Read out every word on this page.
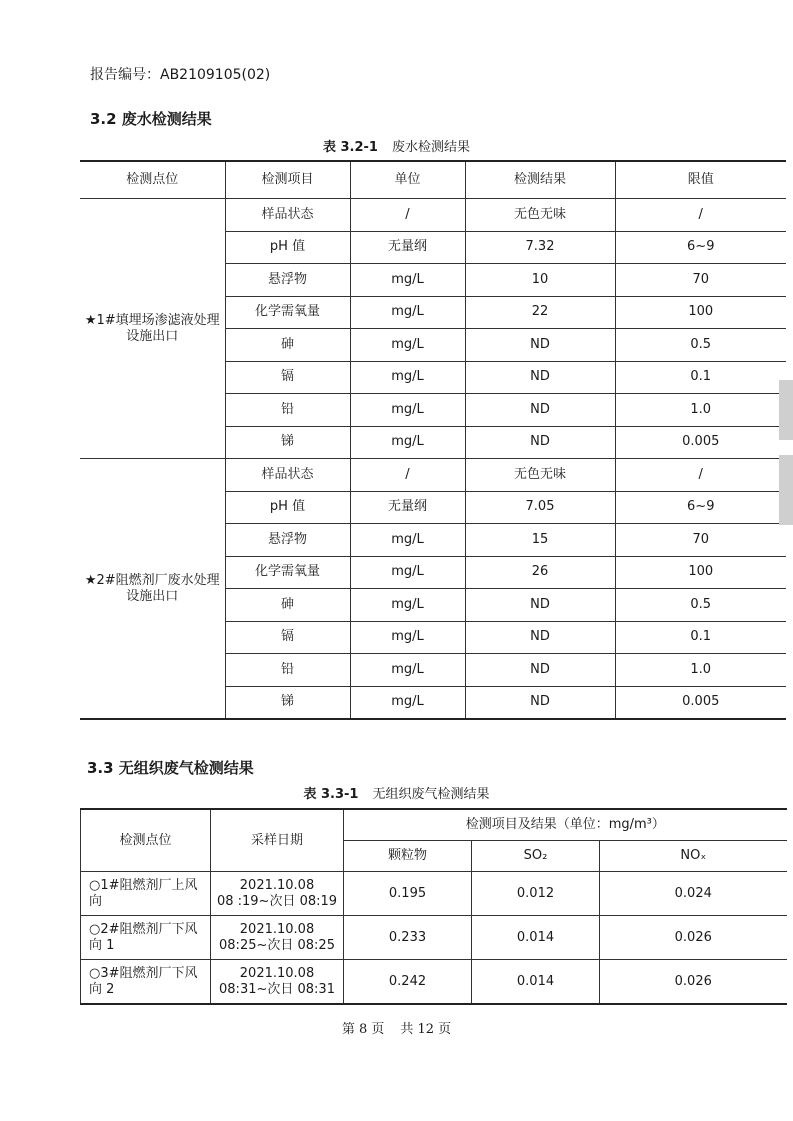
报告编号：AB2109105(02)
3.2 废水检测结果
表 3.2-1 废水检测结果
检测点位	检测项目	单位	检测结果	限值
★1#填埋场渗滤液处理设施出口	样品状态	/	无色无味	/
	pH 值	无量纲	7.32	6~9
	悬浮物	mg/L	10	70
	化学需氧量	mg/L	22	100
	砷	mg/L	ND	0.5
	镉	mg/L	ND	0.1
	铅	mg/L	ND	1.0
	锑	mg/L	ND	0.005
★2#阻燃剂厂废水处理设施出口	样品状态	/	无色无味	/
	pH 值	无量纲	7.05	6~9
	悬浮物	mg/L	15	70
	化学需氧量	mg/L	26	100
	砷	mg/L	ND	0.5
	镉	mg/L	ND	0.1
	铅	mg/L	ND	1.0
	锑	mg/L	ND	0.005
3.3 无组织废气检测结果
表 3.3-1 无组织废气检测结果
检测点位	采样日期	检测项目及结果（单位：mg/m³）		
		颗粒物	SO₂	NOₓ
○1#阻燃剂厂上风向	2021.10.08
08 :19~次日 08:19	0.195	0.012	0.024
○2#阻燃剂厂下风向 1	2021.10.08
08:25~次日 08:25	0.233	0.014	0.026
○3#阻燃剂厂下风向 2	2021.10.08
08:31~次日 08:31	0.242	0.014	0.026
第 8 页 共 12 页
